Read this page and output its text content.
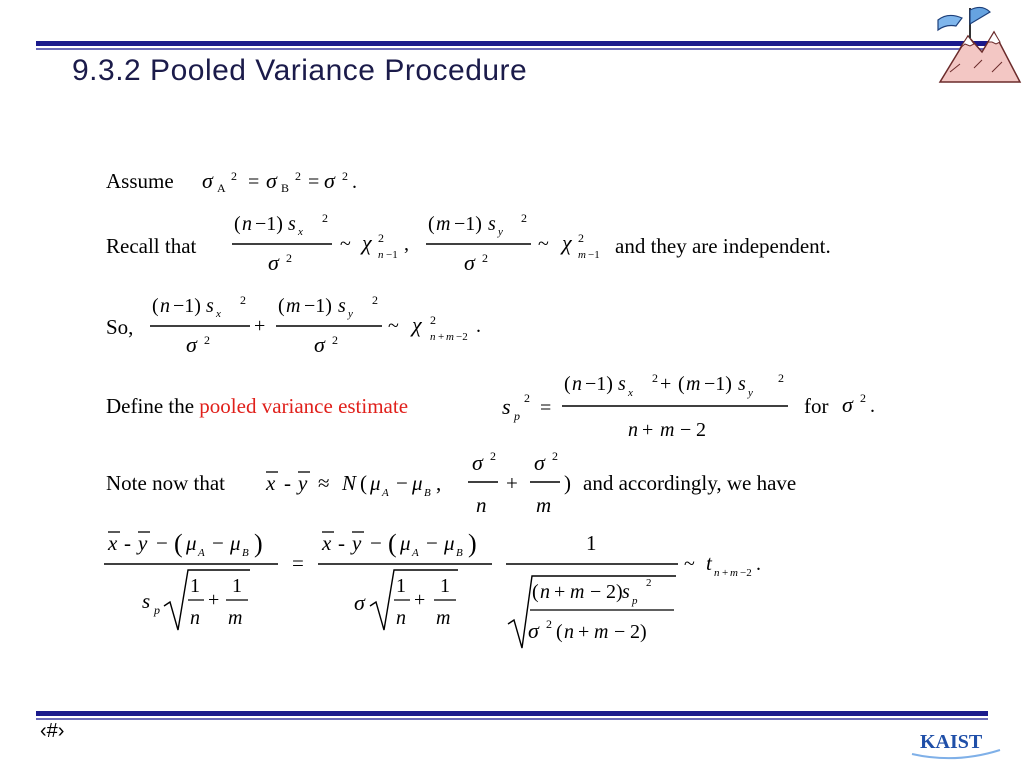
9.3.2 Pooled Variance Procedure
Assume σ A
2 = σ B
2 = σ 2 .
Recall that
( n −1) s x
2
σ 2
~ χ 2
n −1 ,
( m −1) s y
2
σ 2
~ χ 2
m −1 and they are independent.
So,
( n −1) s x
2
σ 2
+
( m −1) s y
2
σ 2
~ χ 2
n + m −2 .
Define the pooled variance estimate	s p
2 =
( n −1) s x
2 + ( m −1) s y
2
n + m − 2
for σ 2 .
Note now that x - y ≈ N ( μ A − μ B ,
σ 2
n
+
σ 2
m
) and accordingly, we have
x - y − ( μ A − μ B )
s p
1
n
+
1
m
=
x - y − ( μ A − μ B )
σ
1
n
+
1
m
1
( n + m − 2) s p
2
σ 2 ( n + m − 2)
~ t n + m −2 .
‹#›	KAIST
